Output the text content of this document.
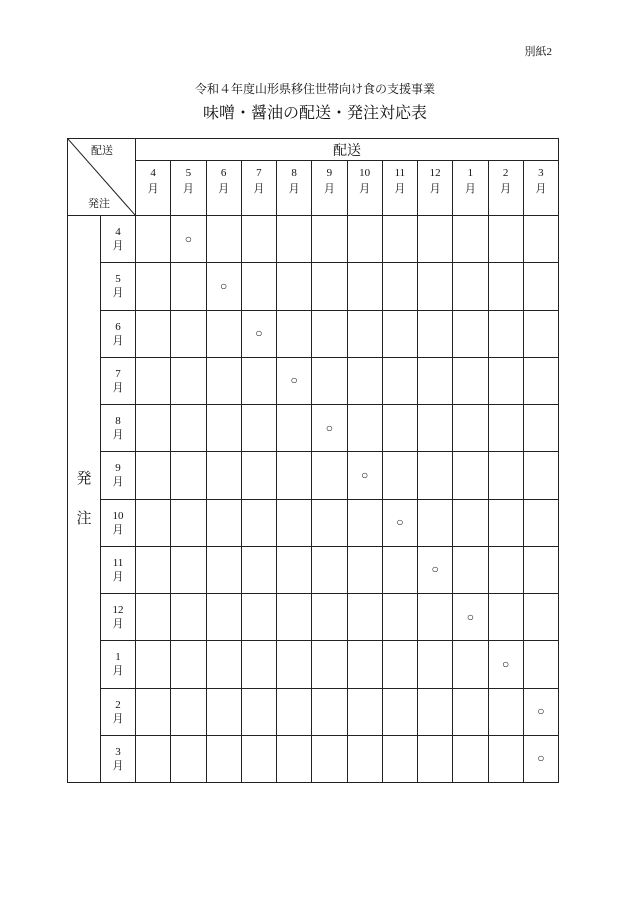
別紙2
令和４年度山形県移住世帯向け食の支援事業
味噌・醤油の配送・発注対応表
配送
発注
配送
発注
4
月
5
月
6
月
7
月
8
月
9
月
10
月
11
月
12
月
1
月
2
月
3
月
4
月
○
5
月
○
6
月
○
7
月
○
8
月
○
9
月
○
10
月
○
11
月
○
12
月
○
1
月
○
2
月
○
3
月
○
